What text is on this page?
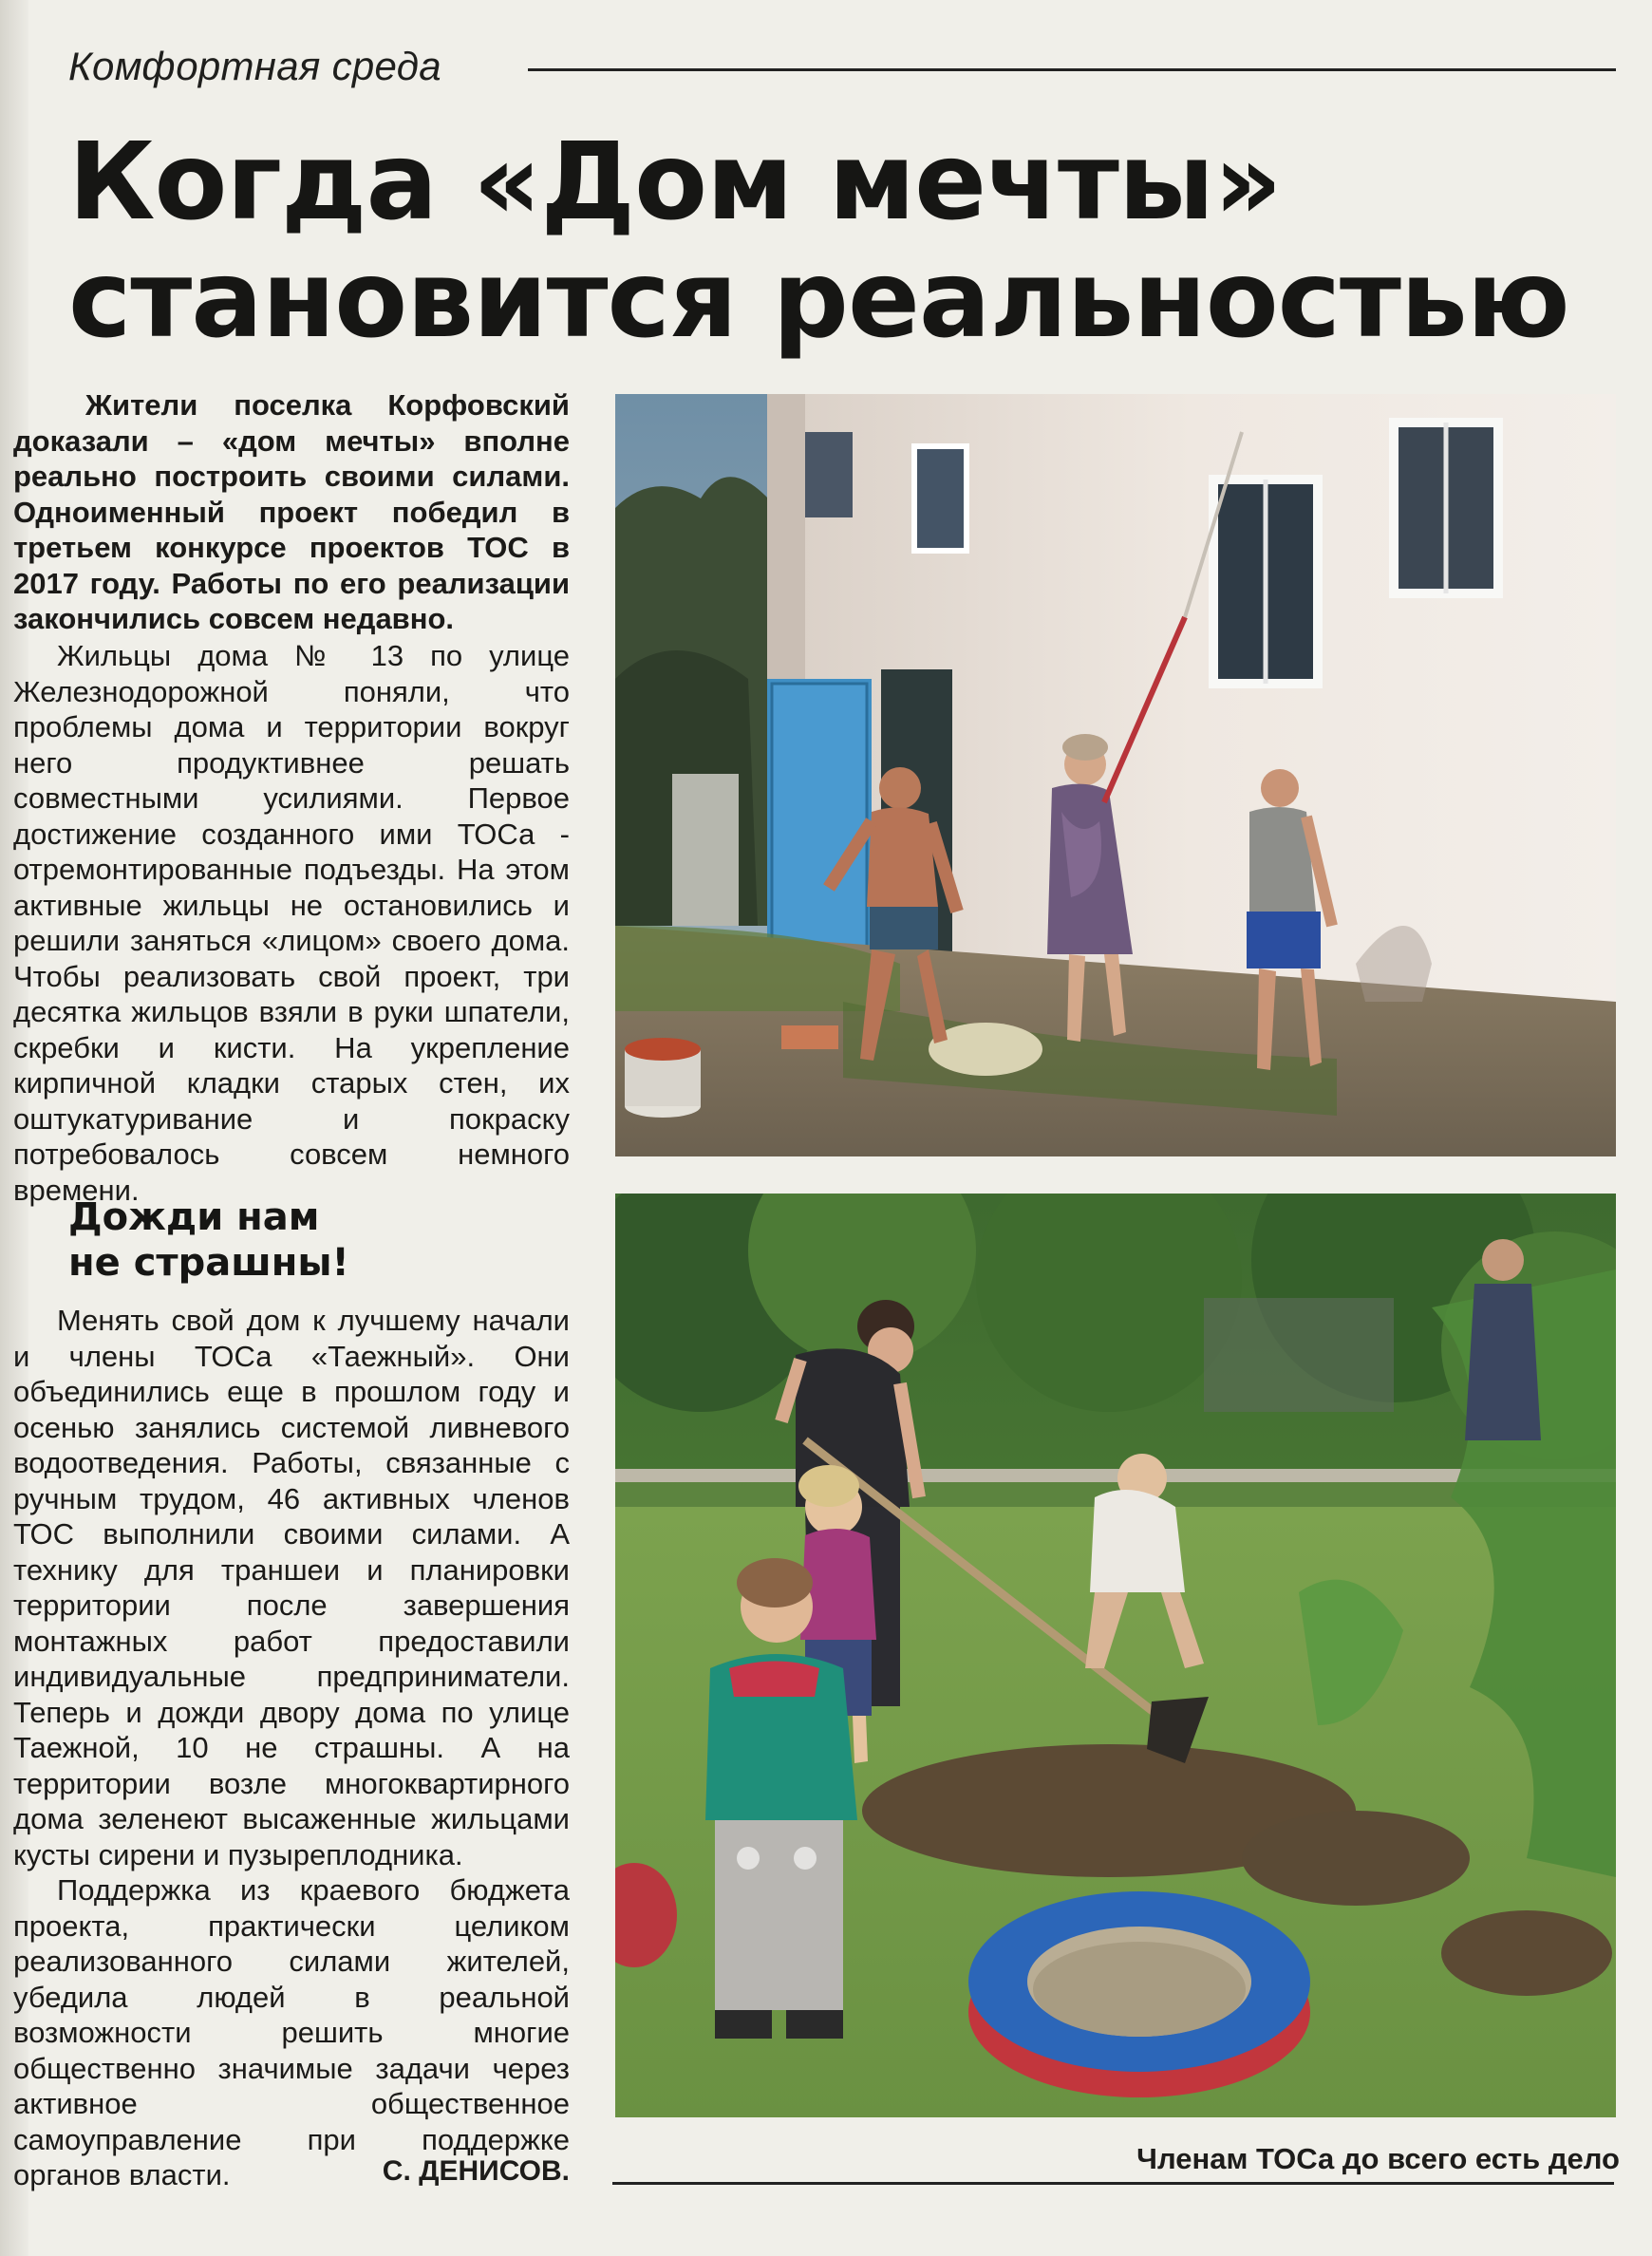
Комфортная среда
Когда «Дом мечты»
становится реальностью

Жители поселка Корфовский доказали – «дом мечты» вполне реально построить своими силами. Одноименный проект победил в третьем конкурсе проектов ТОС в 2017 году. Работы по его реализации закончились совсем недавно.

Жильцы дома № 13 по улице Железнодорожной поняли, что проблемы дома и территории вокруг него продуктивнее решать совместными усилиями. Первое достижение созданного ими ТОСа - отремонтированные подъезды. На этом активные жильцы не остановились и решили заняться «лицом» своего дома. Чтобы реализовать свой проект, три десятка жильцов взяли в руки шпатели, скребки и кисти. На укрепление кирпичной кладки старых стен, их оштукатуривание и покраску потребовалось совсем немного времени.

Дожди нам
не страшны!

Менять свой дом к лучшему начали и члены ТОСа «Таежный». Они объединились еще в прошлом году и осенью занялись системой ливневого водоотведения. Работы, связанные с ручным трудом, 46 активных членов ТОС выполнили своими силами. А технику для траншеи и планировки территории после завершения монтажных работ предоставили индивидуальные предприниматели. Теперь и дожди двору дома по улице Таежной, 10 не страшны. А на территории возле многоквартирного дома зеленеют высаженные жильцами кусты сирени и пузыреплодника.

Поддержка из краевого бюджета проекта, практически целиком реализованного силами жителей, убедила людей в реальной возможности решить многие общественно значимые задачи через активное общественное самоуправление при поддержке органов власти.	С. ДЕНИСОВ.	Членам ТОСа до всего есть дело
